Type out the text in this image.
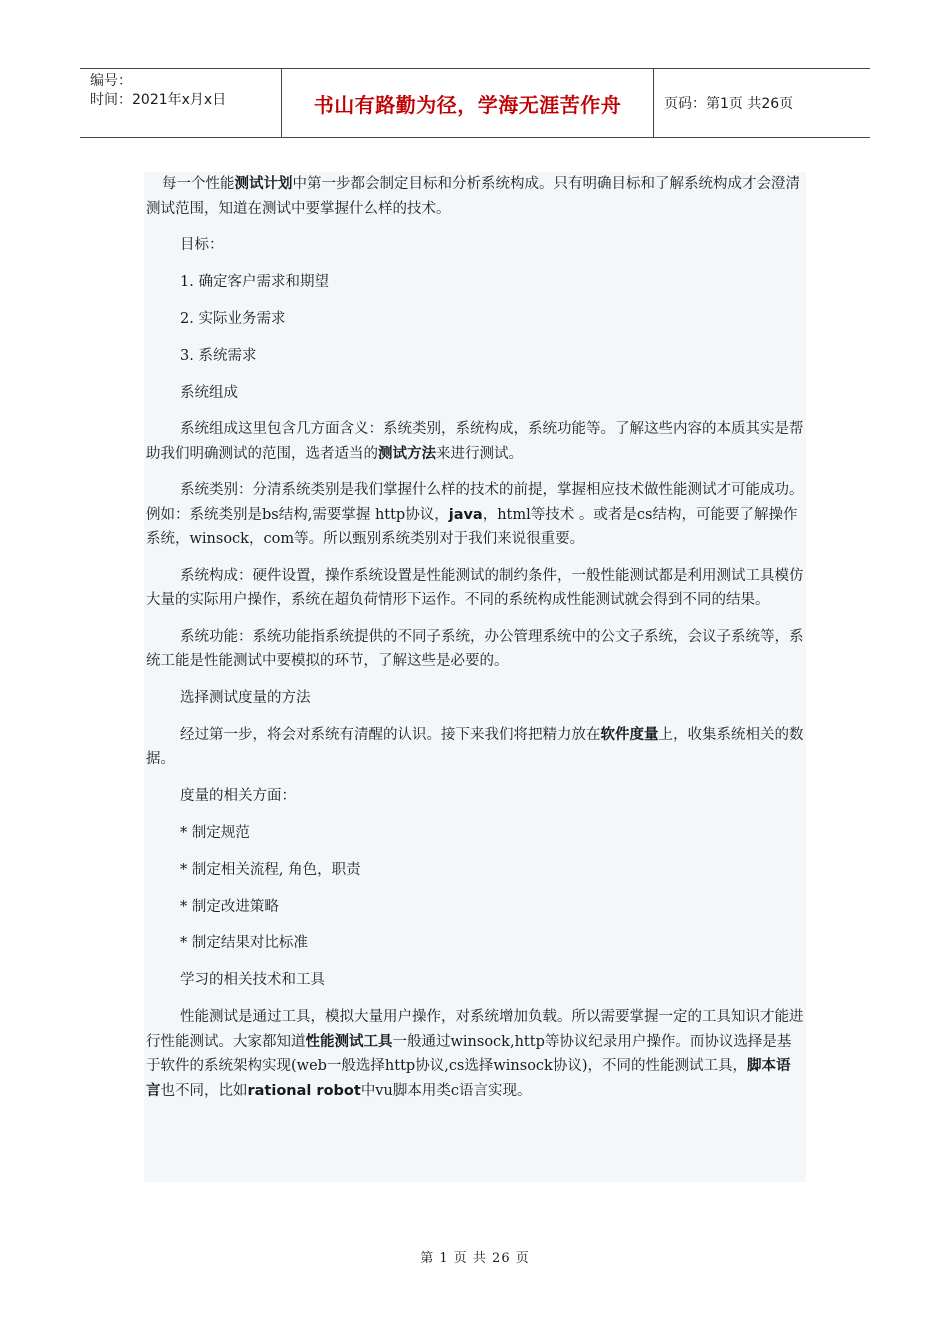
编号：
时间：2021年x月x日	书山有路勤为径，学海无涯苦作舟	页码：第1页 共26页

每一个性能测试计划中第一步都会制定目标和分析系统构成。只有明确目标和了解系统构成才会澄清测试范围，知道在测试中要掌握什么样的技术。

目标：

1. 确定客户需求和期望

2. 实际业务需求

3. 系统需求

系统组成

系统组成这里包含几方面含义：系统类别，系统构成，系统功能等。了解这些内容的本质其实是帮助我们明确测试的范围，选者适当的测试方法来进行测试。

系统类别：分清系统类别是我们掌握什么样的技术的前提，掌握相应技术做性能测试才可能成功。例如：系统类别是bs结构,需要掌握 http协议，java，html等技术 。或者是cs结构，可能要了解操作系统，winsock，com等。所以甄别系统类别对于我们来说很重要。

系统构成：硬件设置，操作系统设置是性能测试的制约条件，一般性能测试都是利用测试工具模仿大量的实际用户操作，系统在超负荷情形下运作。不同的系统构成性能测试就会得到不同的结果。

系统功能：系统功能指系统提供的不同子系统，办公管理系统中的公文子系统，会议子系统等，系统工能是性能测试中要模拟的环节，了解这些是必要的。

选择测试度量的方法

经过第一步，将会对系统有清醒的认识。接下来我们将把精力放在软件度量上，收集系统相关的数据。

度量的相关方面：

* 制定规范

* 制定相关流程, 角色，职责

* 制定改进策略

* 制定结果对比标准

学习的相关技术和工具

性能测试是通过工具，模拟大量用户操作，对系统增加负载。所以需要掌握一定的工具知识才能进行性能测试。大家都知道性能测试工具一般通过winsock,http等协议纪录用户操作。而协议选择是基于软件的系统架构实现(web一般选择http协议,cs选择winsock协议)，不同的性能测试工具，脚本语言也不同，比如rational robot中vu脚本用类c语言实现。

第 1 页 共 26 页
